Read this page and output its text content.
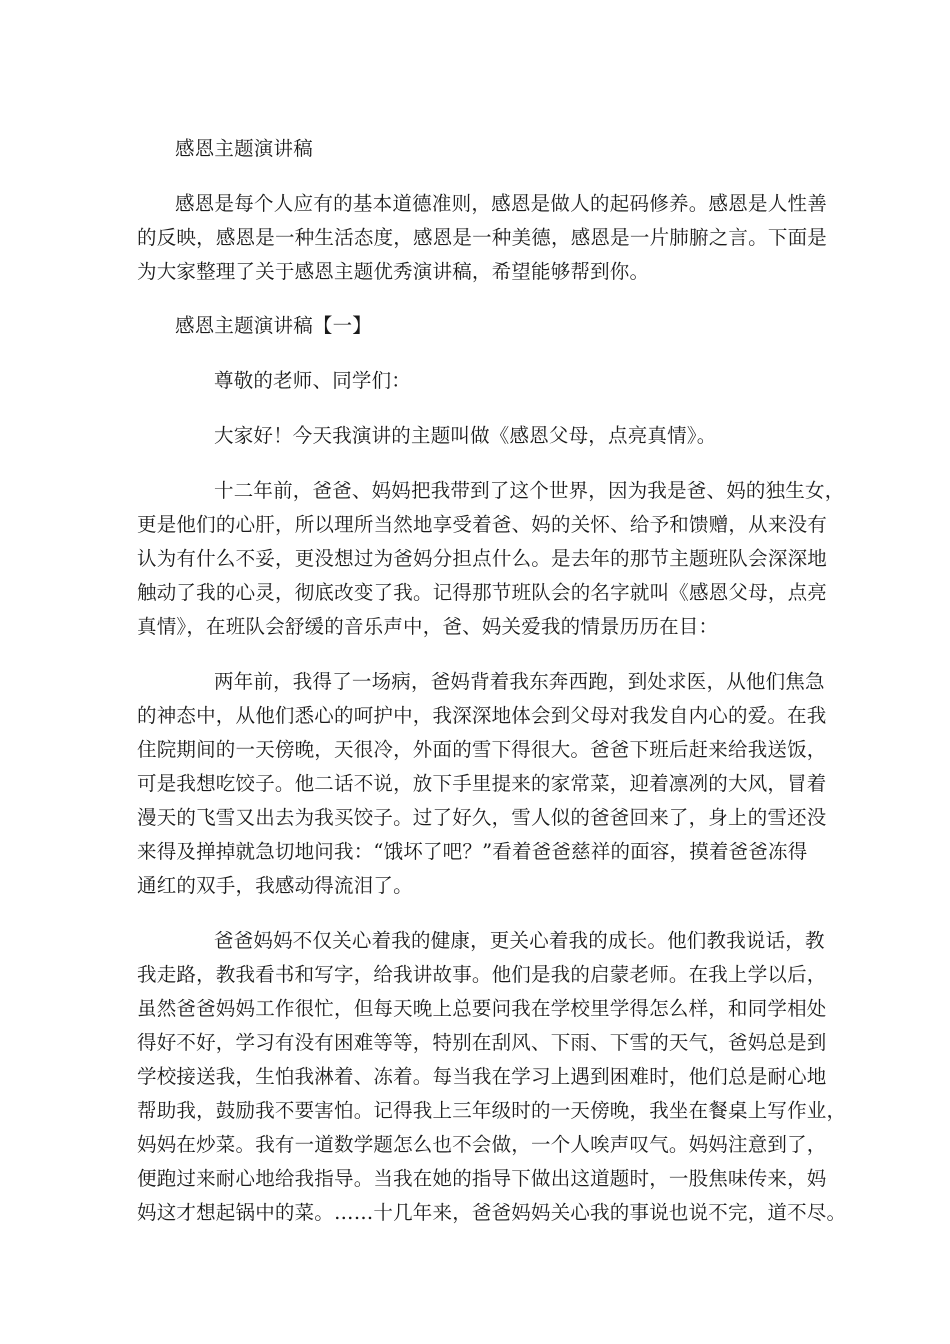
感恩主题演讲稿
感恩是每个人应有的基本道德准则，感恩是做人的起码修养。感恩是人性善
的反映，感恩是一种生活态度，感恩是一种美德，感恩是一片肺腑之言。下面是
为大家整理了关于感恩主题优秀演讲稿，希望能够帮到你。
感恩主题演讲稿【一】
尊敬的老师、同学们：
大家好！今天我演讲的主题叫做《感恩父母，点亮真情》。
十二年前，爸爸、妈妈把我带到了这个世界，因为我是爸、妈的独生女，
更是他们的心肝，所以理所当然地享受着爸、妈的关怀、给予和馈赠，从来没有
认为有什么不妥，更没想过为爸妈分担点什么。是去年的那节主题班队会深深地
触动了我的心灵，彻底改变了我。记得那节班队会的名字就叫《感恩父母，点亮
真情》，在班队会舒缓的音乐声中，爸、妈关爱我的情景历历在目：
两年前，我得了一场病，爸妈背着我东奔西跑，到处求医，从他们焦急
的神态中，从他们悉心的呵护中，我深深地体会到父母对我发自内心的爱。在我
住院期间的一天傍晚，天很冷，外面的雪下得很大。爸爸下班后赶来给我送饭，
可是我想吃饺子。他二话不说，放下手里提来的家常菜，迎着凛冽的大风，冒着
漫天的飞雪又出去为我买饺子。过了好久，雪人似的爸爸回来了，身上的雪还没
来得及掸掉就急切地问我：“饿坏了吧？”看着爸爸慈祥的面容，摸着爸爸冻得
通红的双手，我感动得流泪了。
爸爸妈妈不仅关心着我的健康，更关心着我的成长。他们教我说话，教
我走路，教我看书和写字，给我讲故事。他们是我的启蒙老师。在我上学以后，
虽然爸爸妈妈工作很忙，但每天晚上总要问我在学校里学得怎么样，和同学相处
得好不好，学习有没有困难等等，特别在刮风、下雨、下雪的天气，爸妈总是到
学校接送我，生怕我淋着、冻着。每当我在学习上遇到困难时，他们总是耐心地
帮助我，鼓励我不要害怕。记得我上三年级时的一天傍晚，我坐在餐桌上写作业，
妈妈在炒菜。我有一道数学题怎么也不会做，一个人唉声叹气。妈妈注意到了，
便跑过来耐心地给我指导。当我在她的指导下做出这道题时，一股焦味传来，妈
妈这才想起锅中的菜。……十几年来，爸爸妈妈关心我的事说也说不完，道不尽。
